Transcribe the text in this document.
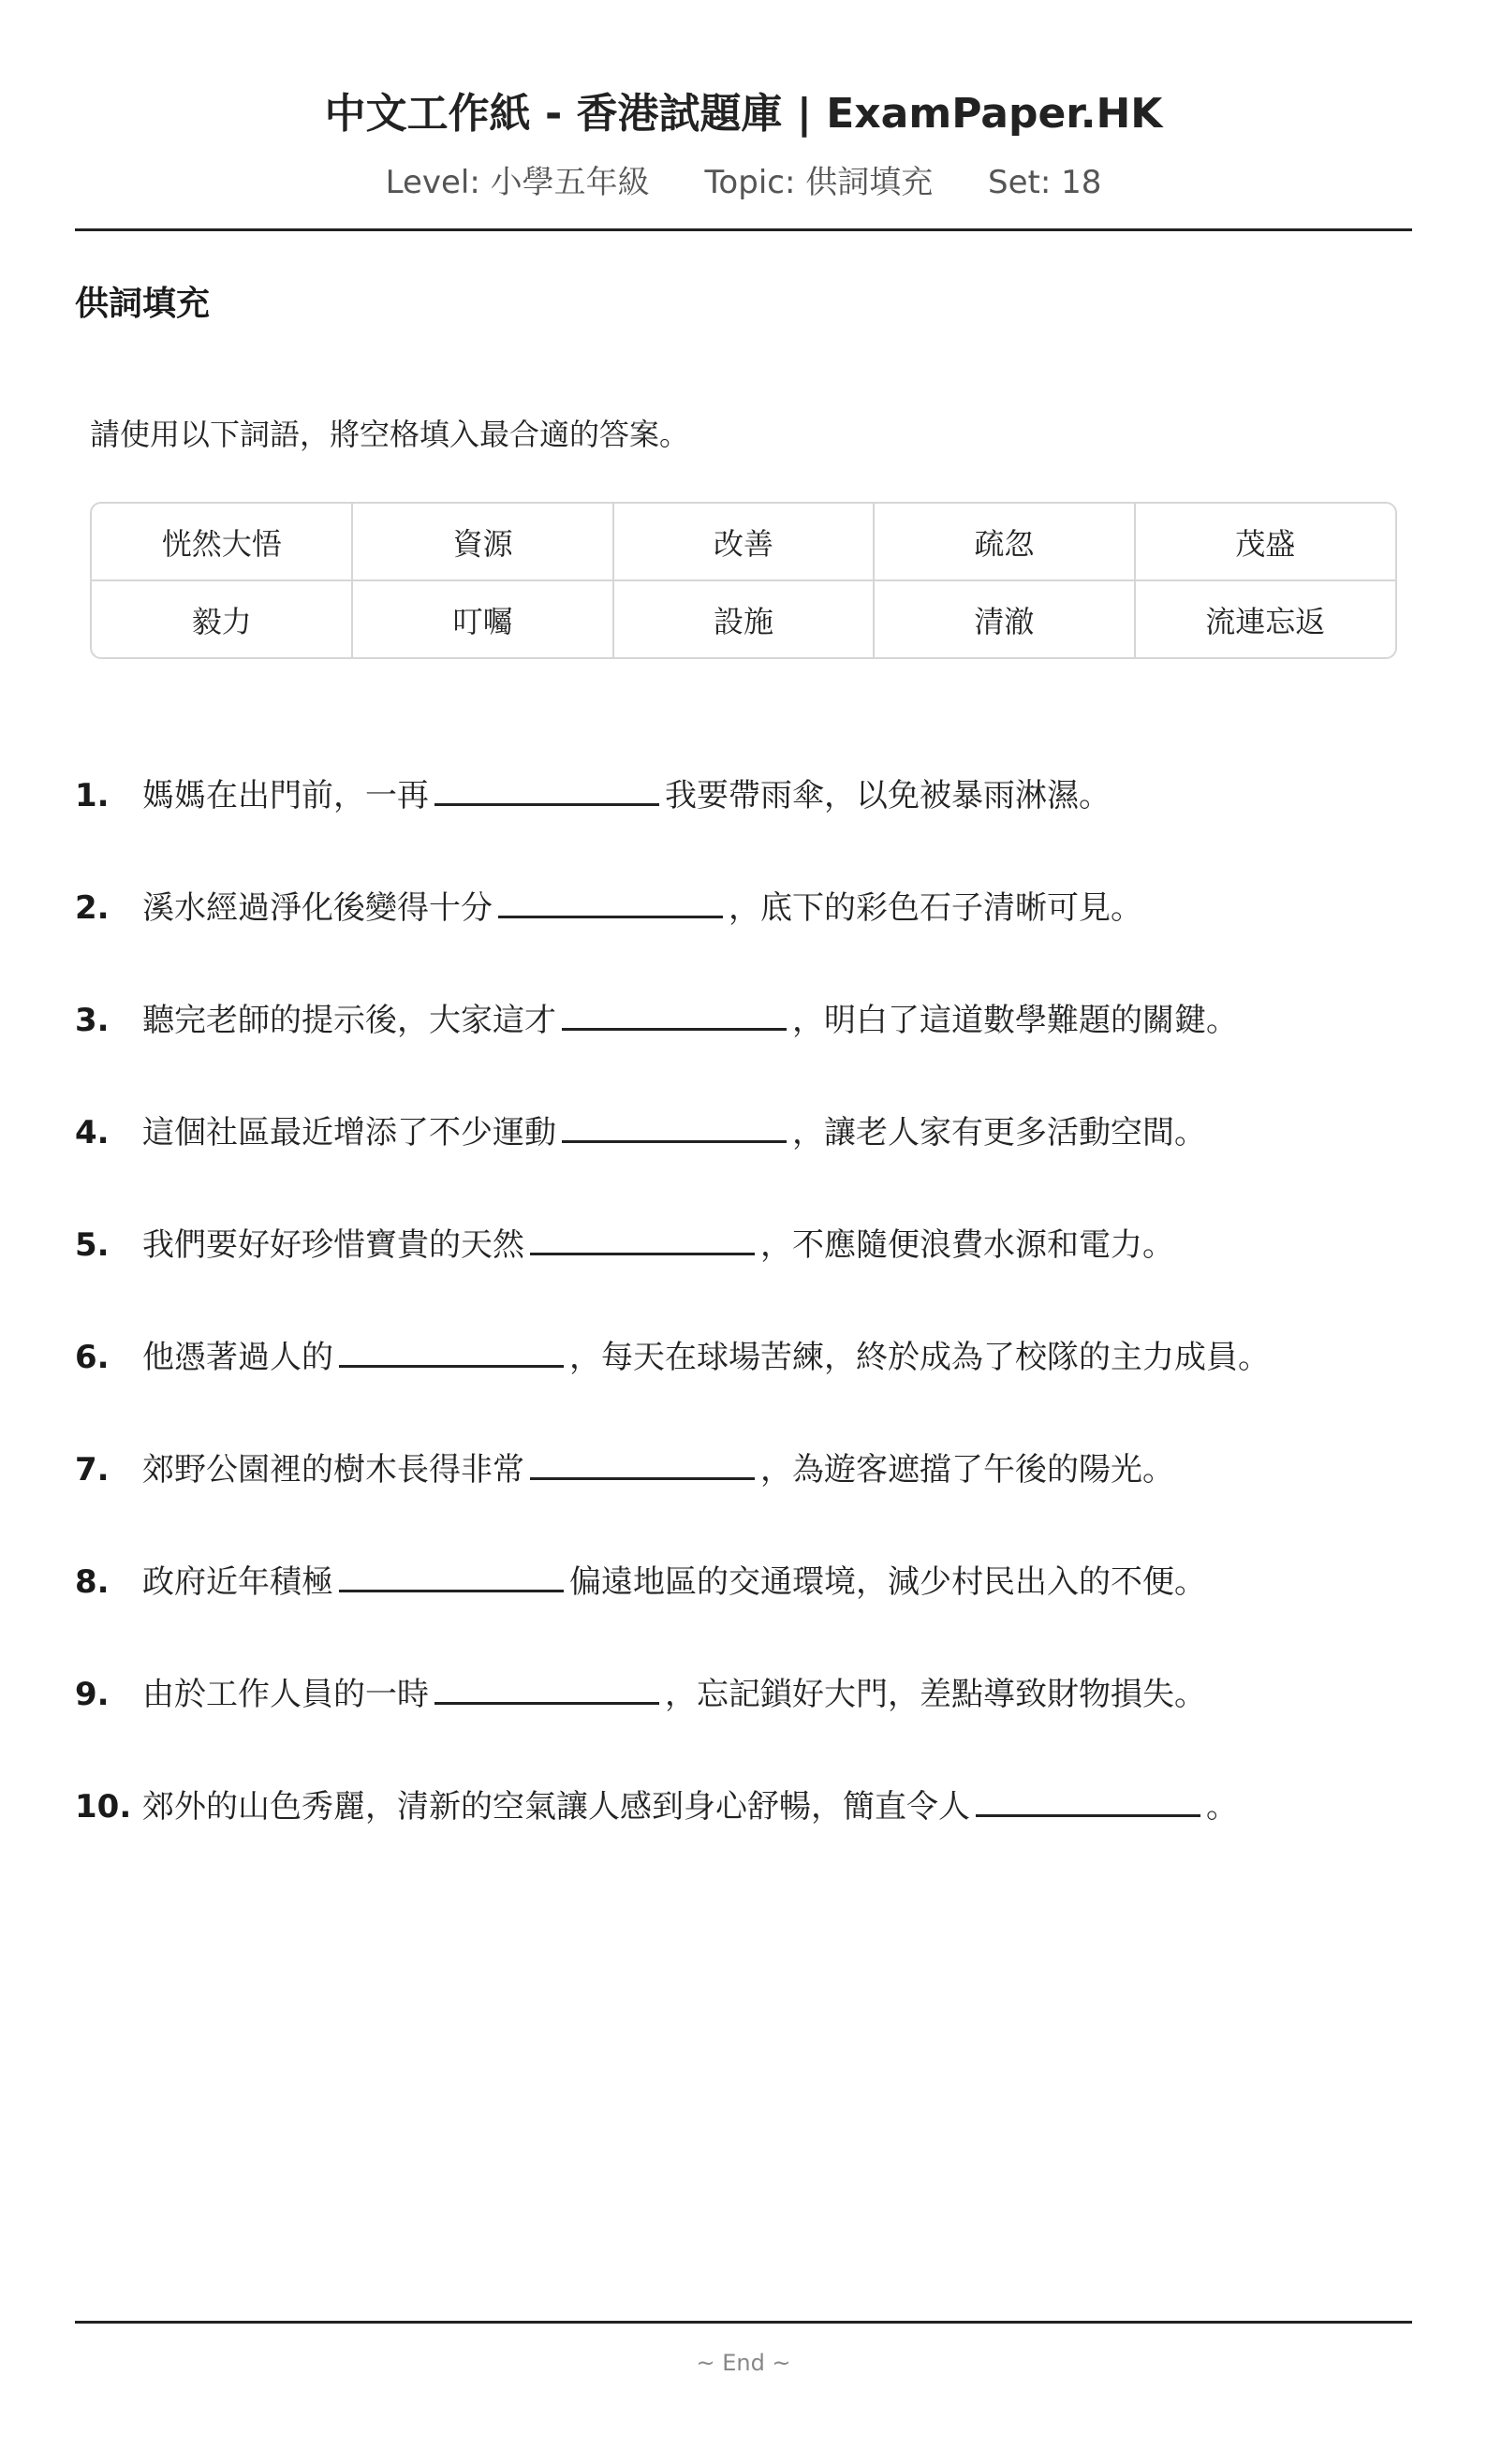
中文工作紙 - 香港試題庫 | ExamPaper.HK
Level: 小學五年級 Topic: 供詞填充 Set: 18
供詞填充
請使用以下詞語，將空格填入最合適的答案。
恍然大悟	資源	改善	疏忽	茂盛
毅力	叮囑	設施	清澈	流連忘返
1. 媽媽在出門前，一再	我要帶雨傘，以免被暴雨淋濕。
2. 溪水經過淨化後變得十分	，底下的彩色石子清晰可見。
3. 聽完老師的提示後，大家這才	，明白了這道數學難題的關鍵。
4. 這個社區最近增添了不少運動	，讓老人家有更多活動空間。
5. 我們要好好珍惜寶貴的天然	，不應隨便浪費水源和電力。
6. 他憑著過人的	，每天在球場苦練，終於成為了校隊的主力成員。
7. 郊野公園裡的樹木長得非常	，為遊客遮擋了午後的陽光。
8. 政府近年積極	偏遠地區的交通環境，減少村民出入的不便。
9. 由於工作人員的一時	，忘記鎖好大門，差點導致財物損失。
10. 郊外的山色秀麗，清新的空氣讓人感到身心舒暢，簡直令人	。
~ End ~
